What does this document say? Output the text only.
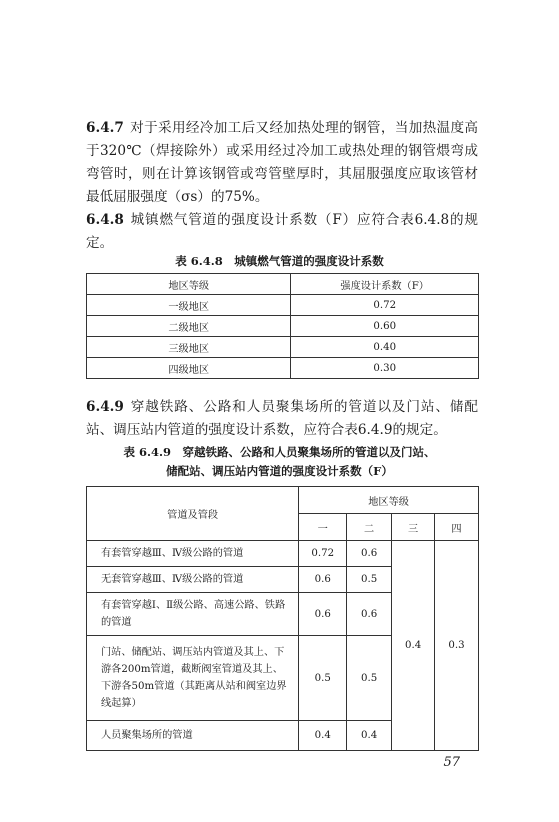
6.4.7 对于采用经冷加工后又经加热处理的钢管，当加热温度高于320℃（焊接除外）或采用经过冷加工或热处理的钢管煨弯成弯管时，则在计算该钢管或弯管壁厚时，其屈服强度应取该管材最低屈服强度（σs）的75%。
6.4.8 城镇燃气管道的强度设计系数（F）应符合表6.4.8的规定。
表 6.4.8　城镇燃气管道的强度设计系数
地区等级	强度设计系数（F）
一级地区	0.72
二级地区	0.60
三级地区	0.40
四级地区	0.30
6.4.9 穿越铁路、公路和人员聚集场所的管道以及门站、储配站、调压站内管道的强度设计系数，应符合表6.4.9的规定。
表 6.4.9　穿越铁路、公路和人员聚集场所的管道以及门站、
储配站、调压站内管道的强度设计系数（F）
管道及管段	地区等级			
	一	二	三	四
有套管穿越Ⅲ、Ⅳ级公路的管道	0.72	0.6	0.4	0.3
无套管穿越Ⅲ、Ⅳ级公路的管道	0.6	0.5		
有套管穿越Ⅰ、Ⅱ级公路、高速公路、铁路的管道	0.6	0.6		
门站、储配站、调压站内管道及其上、下游各200m管道，截断阀室管道及其上、下游各50m管道（其距离从站和阀室边界线起算）	0.5	0.5		
人员聚集场所的管道	0.4	0.4		
57
